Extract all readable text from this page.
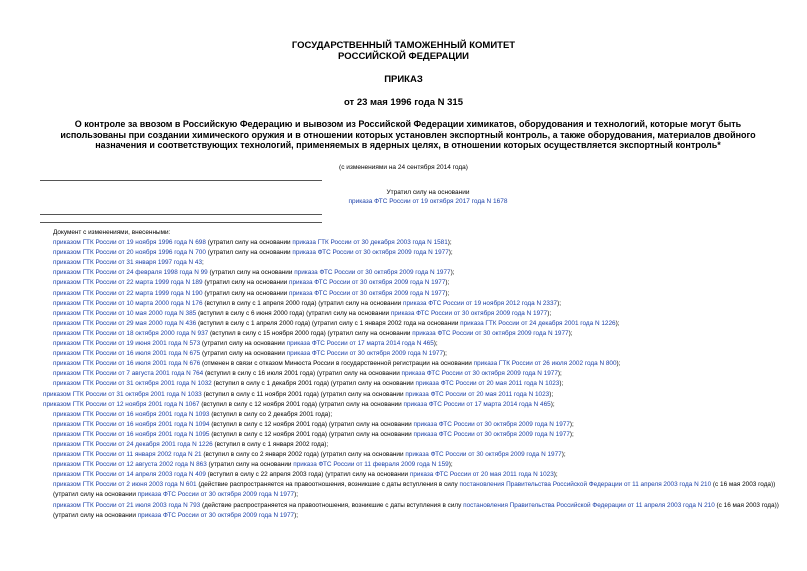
ГОСУДАРСТВЕННЫЙ ТАМОЖЕННЫЙ КОМИТЕТ
РОССИЙСКОЙ ФЕДЕРАЦИИ
ПРИКАЗ
от 23 мая 1996 года N 315
О контроле за ввозом в Российскую Федерацию и вывозом из Российской Федерации химикатов, оборудования и технологий, которые могут быть использованы при создании химического оружия и в отношении которых установлен экспортный контроль, а также оборудования, материалов двойного назначения и соответствующих технологий, применяемых в ядерных целях, в отношении которых осуществляется экспортный контроль*
(с изменениями на 24 сентября 2014 года)
Утратил силу на основании
приказа ФТС России от 19 октября 2017 года N 1678
Документ с изменениями, внесенными:
приказом ГТК России от 19 ноября 1996 года N 698 (утратил силу на основании приказа ГТК России от 30 декабря 2003 года N 1581);
приказом ГТК России от 20 ноября 1996 года N 700 (утратил силу на основании приказа ФТС России от 30 октября 2009 года N 1977);
приказом ГТК России от 31 января 1997 года N 43;
приказом ГТК России от 24 февраля 1998 года N 99 (утратил силу на основании приказа ФТС России от 30 октября 2009 года N 1977);
приказом ГТК России от 22 марта 1999 года N 189 (утратил силу на основании приказа ФТС России от 30 октября 2009 года N 1977);
приказом ГТК России от 22 марта 1999 года N 190 (утратил силу на основании приказа ФТС России от 30 октября 2009 года N 1977);
приказом ГТК России от 10 марта 2000 года N 176 (вступил в силу с 1 апреля 2000 года) (утратил силу на основании приказа ФТС России от 19 ноября 2012 года N 2337);
приказом ГТК России от 10 мая 2000 года N 385 (вступил в силу с 6 июня 2000 года) (утратил силу на основании приказа ФТС России от 30 октября 2009 года N 1977);
приказом ГТК России от 29 мая 2000 года N 436 (вступил в силу с 1 апреля 2000 года) (утратил силу с 1 января 2002 года на основании приказа ГТК России от 24 декабря 2001 года N 1226);
приказом ГТК России от 18 октября 2000 года N 937 (вступил в силу с 15 ноября 2000 года) (утратил силу на основании приказа ФТС России от 30 октября 2009 года N 1977);
приказом ГТК России от 19 июня 2001 года N 573 (утратил силу на основании приказа ФТС России от 17 марта 2014 года N 465);
приказом ГТК России от 16 июля 2001 года N 675 (утратил силу на основании приказа ФТС России от 30 октября 2009 года N 1977);
приказом ГТК России от 16 июля 2001 года N 676 (отменен в связи с отказом Минюста России в государственной регистрации на основании приказа ГТК России от 26 июля 2002 года N 800);
приказом ГТК России от 7 августа 2001 года N 764 (вступил в силу с 16 июля 2001 года) (утратил силу на основании приказа ФТС России от 30 октября 2009 года N 1977);
приказом ГТК России от 31 октября 2001 года N 1032 (вступил в силу с 1 декабря 2001 года) (утратил силу на основании приказа ФТС России от 20 мая 2011 года N 1023);
приказом ГТК России от 31 октября 2001 года N 1033 (вступил в силу с 11 ноября 2001 года) (утратил силу на основании приказа ФТС России от 20 мая 2011 года N 1023);
приказом ГТК России от 12 ноября 2001 года N 1067 (вступил в силу с 12 ноября 2001 года) (утратил силу на основании приказа ФТС России от 17 марта 2014 года N 465);
приказом ГТК России от 16 ноября 2001 года N 1093 (вступил в силу со 2 декабря 2001 года);
приказом ГТК России от 16 ноября 2001 года N 1094 (вступил в силу с 12 ноября 2001 года) (утратил силу на основании приказа ФТС России от 30 октября 2009 года N 1977);
приказом ГТК России от 16 ноября 2001 года N 1095 (вступил в силу с 12 ноября 2001 года) (утратил силу на основании приказа ФТС России от 30 октября 2009 года N 1977);
приказом ГТК России от 24 декабря 2001 года N 1226 (вступил в силу с 1 января 2002 года);
приказом ГТК России от 11 января 2002 года N 21 (вступил в силу со 2 января 2002 года) (утратил силу на основании приказа ФТС России от 30 октября 2009 года N 1977);
приказом ГТК России от 12 августа 2002 года N 863 (утратил силу на основании приказа ФТС России от 11 февраля 2009 года N 159);
приказом ГТК России от 14 апреля 2003 года N 409 (вступил в силу с 22 апреля 2003 года) (утратил силу на основании приказа ФТС России от 20 мая 2011 года N 1023);
приказом ГТК России от 2 июня 2003 года N 601 (действие распространяется на правоотношения, возникшие с даты вступления в силу постановления Правительства Российской Федерации от 11 апреля 2003 года N 210 (с 16 мая 2003 года)) (утратил силу на основании приказа ФТС России от 30 октября 2009 года N 1977);
приказом ГТК России от 21 июля 2003 года N 793 (действие распространяется на правоотношения, возникшие с даты вступления в силу постановления Правительства Российской Федерации от 11 апреля 2003 года N 210 (с 16 мая 2003 года)) (утратил силу на основании приказа ФТС России от 30 октября 2009 года N 1977);
